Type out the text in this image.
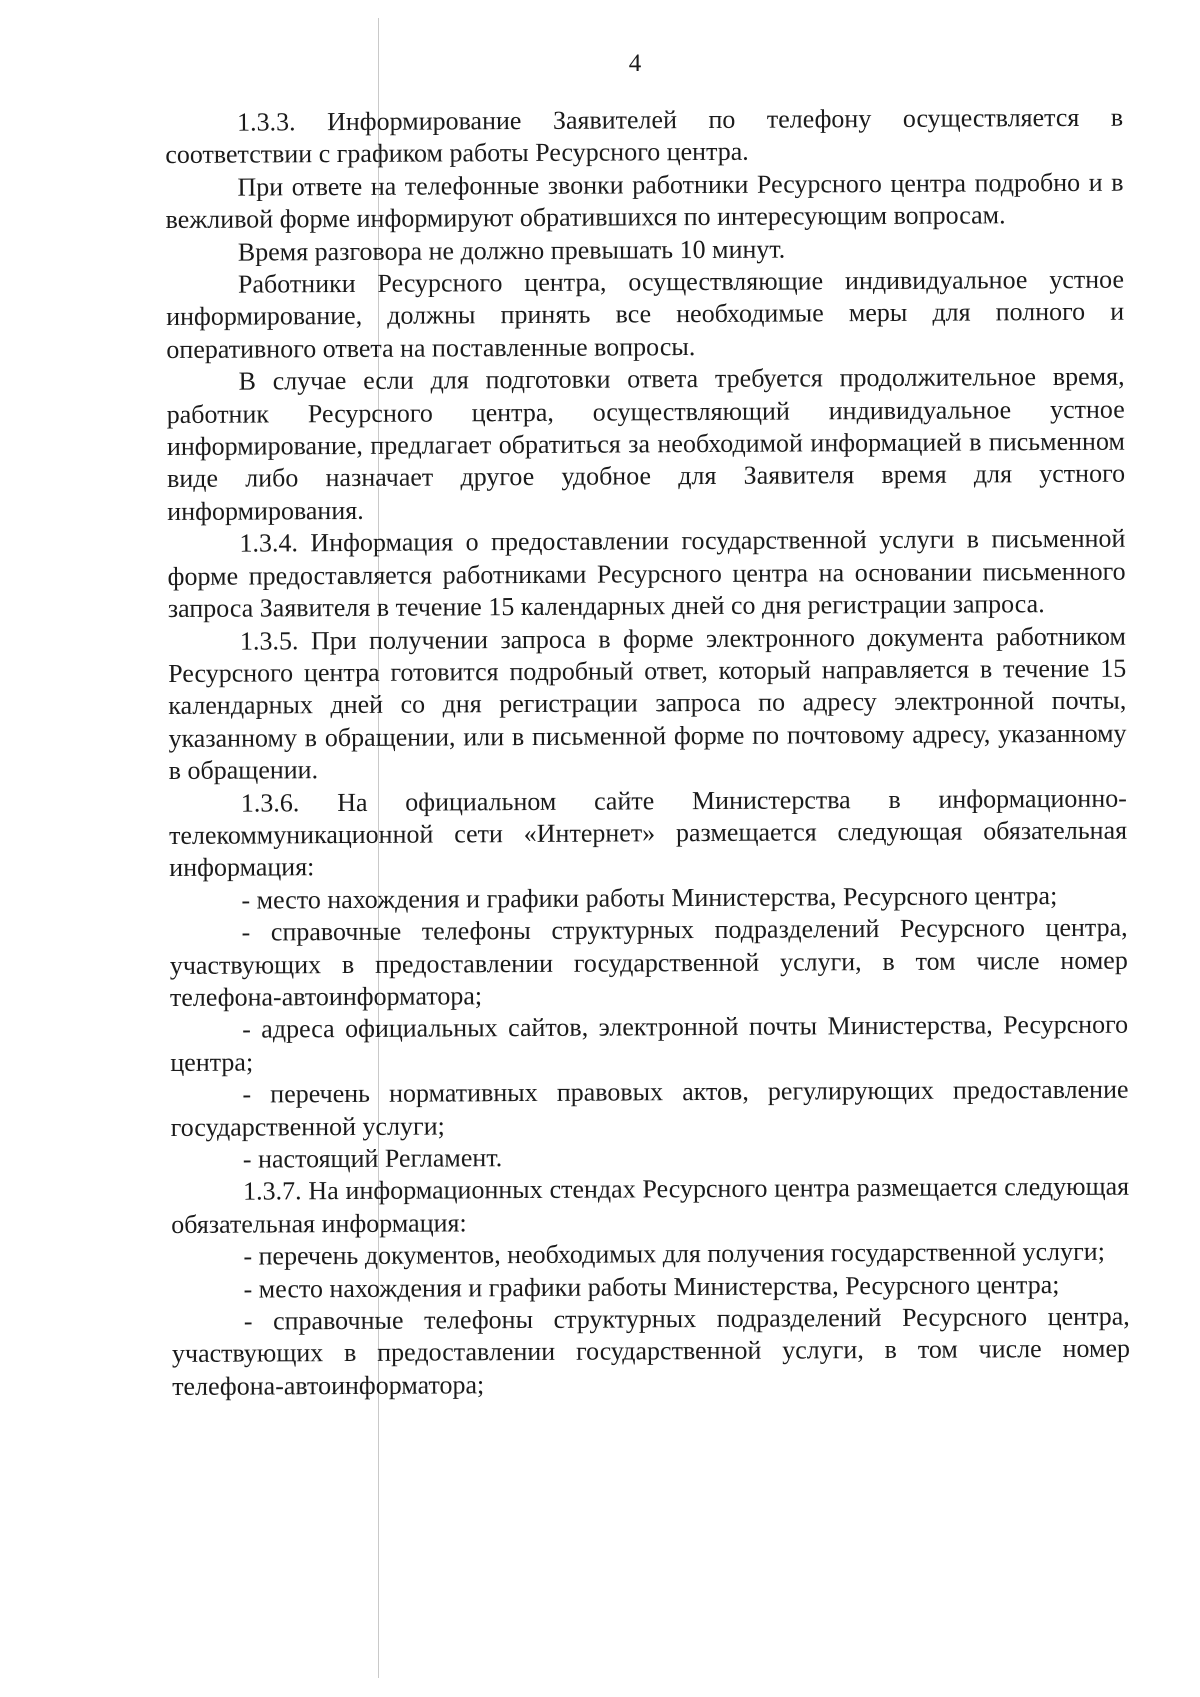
4

1.3.3. Информирование Заявителей по телефону осуществляется в соответствии с графиком работы Ресурсного центра.

При ответе на телефонные звонки работники Ресурсного центра подробно и в вежливой форме информируют обратившихся по интересующим вопросам.

Время разговора не должно превышать 10 минут.

Работники Ресурсного центра, осуществляющие индивидуальное устное информирование, должны принять все необходимые меры для полного и оперативного ответа на поставленные вопросы.

В случае если для подготовки ответа требуется продолжительное время, работник Ресурсного центра, осуществляющий индивидуальное устное информирование, предлагает обратиться за необходимой информацией в письменном виде либо назначает другое удобное для Заявителя время для устного информирования.

1.3.4. Информация о предоставлении государственной услуги в письменной форме предоставляется работниками Ресурсного центра на основании письменного запроса Заявителя в течение 15 календарных дней со дня регистрации запроса.

1.3.5. При получении запроса в форме электронного документа работником Ресурсного центра готовится подробный ответ, который направляется в течение 15 календарных дней со дня регистрации запроса по адресу электронной почты, указанному в обращении, или в письменной форме по почтовому адресу, указанному в обращении.

1.3.6. На официальном сайте Министерства в информационно-телекоммуникационной сети «Интернет» размещается следующая обязательная информация:

- место нахождения и графики работы Министерства, Ресурсного центра;

- справочные телефоны структурных подразделений Ресурсного центра, участвующих в предоставлении государственной услуги, в том числе номер телефона-автоинформатора;

- адреса официальных сайтов, электронной почты Министерства, Ресурсного центра;

- перечень нормативных правовых актов, регулирующих предоставление государственной услуги;

- настоящий Регламент.

1.3.7. На информационных стендах Ресурсного центра размещается следующая обязательная информация:

- перечень документов, необходимых для получения государственной услуги;

- место нахождения и графики работы Министерства, Ресурсного центра;

- справочные телефоны структурных подразделений Ресурсного центра, участвующих в предоставлении государственной услуги, в том числе номер телефона-автоинформатора;
